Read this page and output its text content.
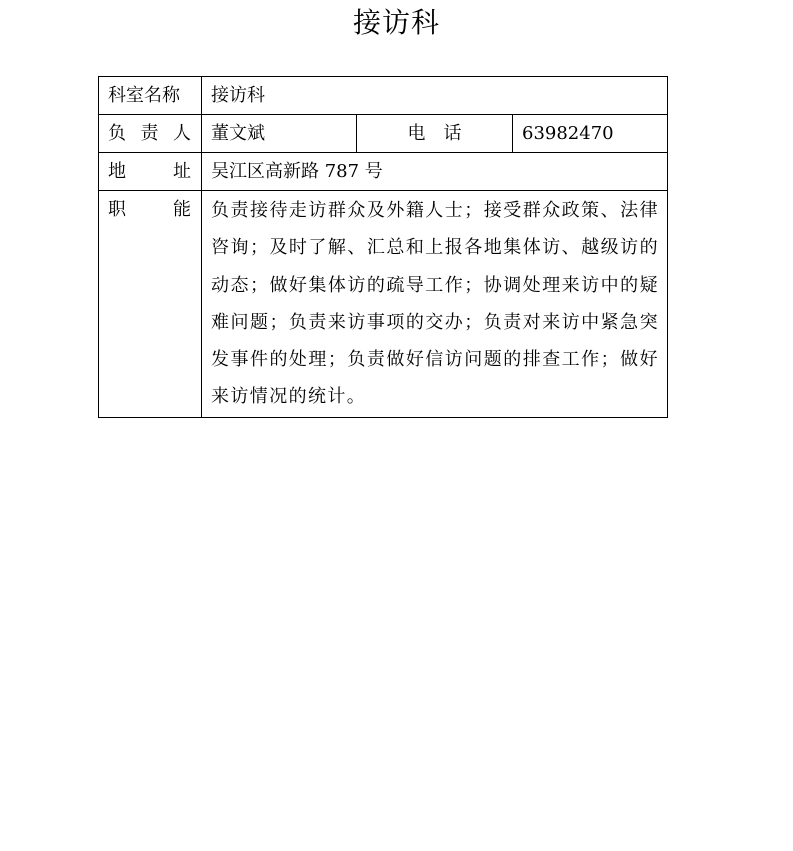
接访科
科室名称	接访科		

负 责 人	董文斌	电　话	63982470

地 址	吴江区高新路 787 号		

职 能	负责接待走访群众及外籍人士；接受群众政策、法律咨询；及时了解、汇总和上报各地集体访、越级访的动态；做好集体访的疏导工作；协调处理来访中的疑难问题；负责来访事项的交办；负责对来访中紧急突发事件的处理；负责做好信访问题的排查工作；做好来访情况的统计。		
